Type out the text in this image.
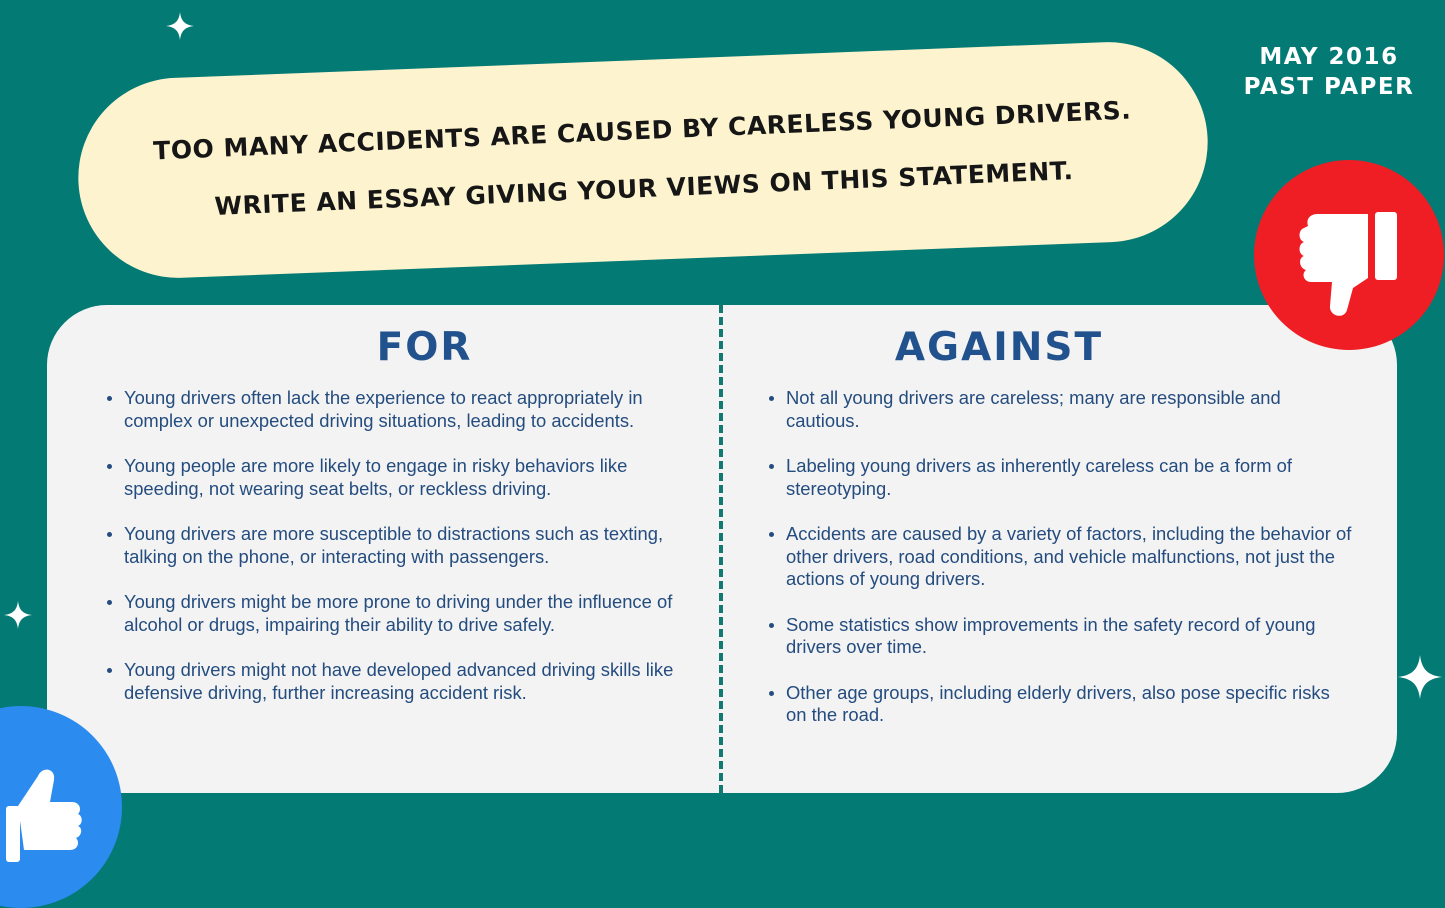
TOO MANY ACCIDENTS ARE CAUSED BY CARELESS YOUNG DRIVERS.
WRITE AN ESSAY GIVING YOUR VIEWS ON THIS STATEMENT.
MAY 2016
PAST PAPER
FOR
Young drivers often lack the experience to react appropriately in complex or unexpected driving situations, leading to accidents.
Young people are more likely to engage in risky behaviors like speeding, not wearing seat belts, or reckless driving.
Young drivers are more susceptible to distractions such as texting, talking on the phone, or interacting with passengers.
Young drivers might be more prone to driving under the influence of alcohol or drugs, impairing their ability to drive safely.
Young drivers might not have developed advanced driving skills like defensive driving, further increasing accident risk.
AGAINST
Not all young drivers are careless; many are responsible and cautious.
Labeling young drivers as inherently careless can be a form of stereotyping.
Accidents are caused by a variety of factors, including the behavior of other drivers, road conditions, and vehicle malfunctions, not just the actions of young drivers.
Some statistics show improvements in the safety record of young drivers over time.
Other age groups, including elderly drivers, also pose specific risks on the road.
